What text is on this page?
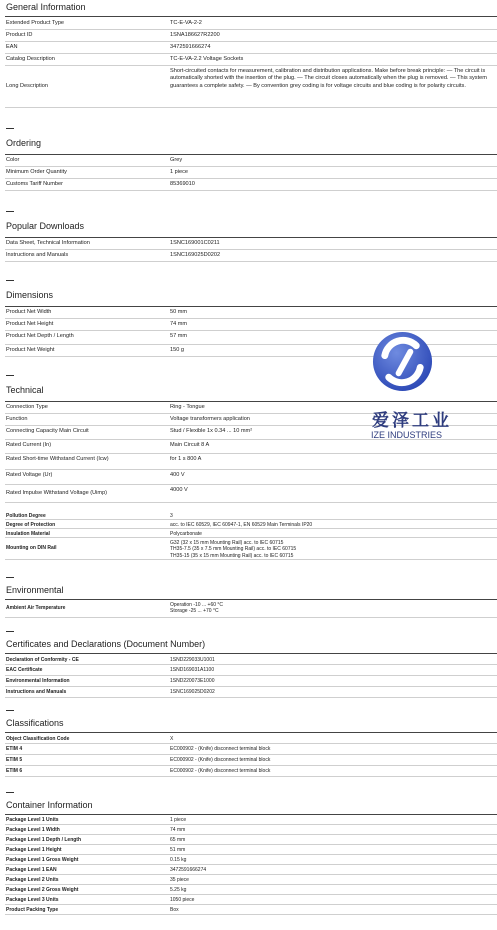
General Information
Extended Product Type	TC-E-VA-2-2
Product ID	1SNA186627R2200
EAN	3472591666274
Catalog Description	TC-E-VA-2.2 Voltage Sockets
Long Description
Short-circuited contacts for measurement, calibration and distribution applications. Make before break principle: — The circuit is automatically shorted with the insertion of the plug. — The circuit closes automatically when the plug is removed. — This system guarantees a complete safety. — By convention grey coding is for voltage circuits and blue coding is for polarity circuits.
Ordering
Color	Grey
Minimum Order Quantity	1 piece
Customs Tariff Number	85369010
Popular Downloads
Data Sheet, Technical Information	1SNC169001C0211
Instructions and Manuals	1SNC169025D0202
Dimensions
Product Net Width	50 mm
Product Net Height	74 mm
Product Net Depth / Length	57 mm
Product Net Weight	150 g
Technical
Connection Type	Ring - Tongue
Function	Voltage transformers application
Connecting Capacity Main Circuit	Stud / Flexible 1x 0.34 ... 10 mm²
Rated Current (In)	Main Circuit 8 A
Rated Short-time Withstand Current (Icw)	for 1 s 800 A
Rated Voltage (Ur)	400 V
Rated Impulse Withstand Voltage (Uimp)	4000 V
Pollution Degree	3
Degree of Protection	acc. to IEC 60529, IEC 60947-1, EN 60529 Main Terminals IP20
Insulation Material	Polycarbonate
Mounting on DIN Rail
G32 (32 x 15 mm Mounting Rail) acc. to IEC 60715
TH35-7.5 (35 x 7.5 mm Mounting Rail) acc. to IEC 60715
TH35-15 (35 x 15 mm Mounting Rail) acc. to IEC 60715
Environmental
Ambient Air Temperature	Operation -10 ... +60 °C
Storage -25 ... +70 °C
Certificates and Declarations (Document Number)
Declaration of Conformity - CE	1SND229033U1001
EAC Certificate	1SND169031A1100
Environmental Information	1SND220073E1000
Instructions and Manuals	1SNC169025D0202
Classifications
Object Classification Code	X
ETIM 4	EC000902 - (Knife) disconnect terminal block
ETIM 5	EC000902 - (Knife) disconnect terminal block
ETIM 6	EC000902 - (Knife) disconnect terminal block
Container Information
Package Level 1 Units	1 piece
Package Level 1 Width	74 mm
Package Level 1 Depth / Length	65 mm
Package Level 1 Height	51 mm
Package Level 1 Gross Weight	0.15 kg
Package Level 1 EAN	3472591666274
Package Level 2 Units	35 piece
Package Level 2 Gross Weight	5.25 kg
Package Level 3 Units	1050 piece
Product Packing Type	Box
爱泽工业
IZE INDUSTRIES
